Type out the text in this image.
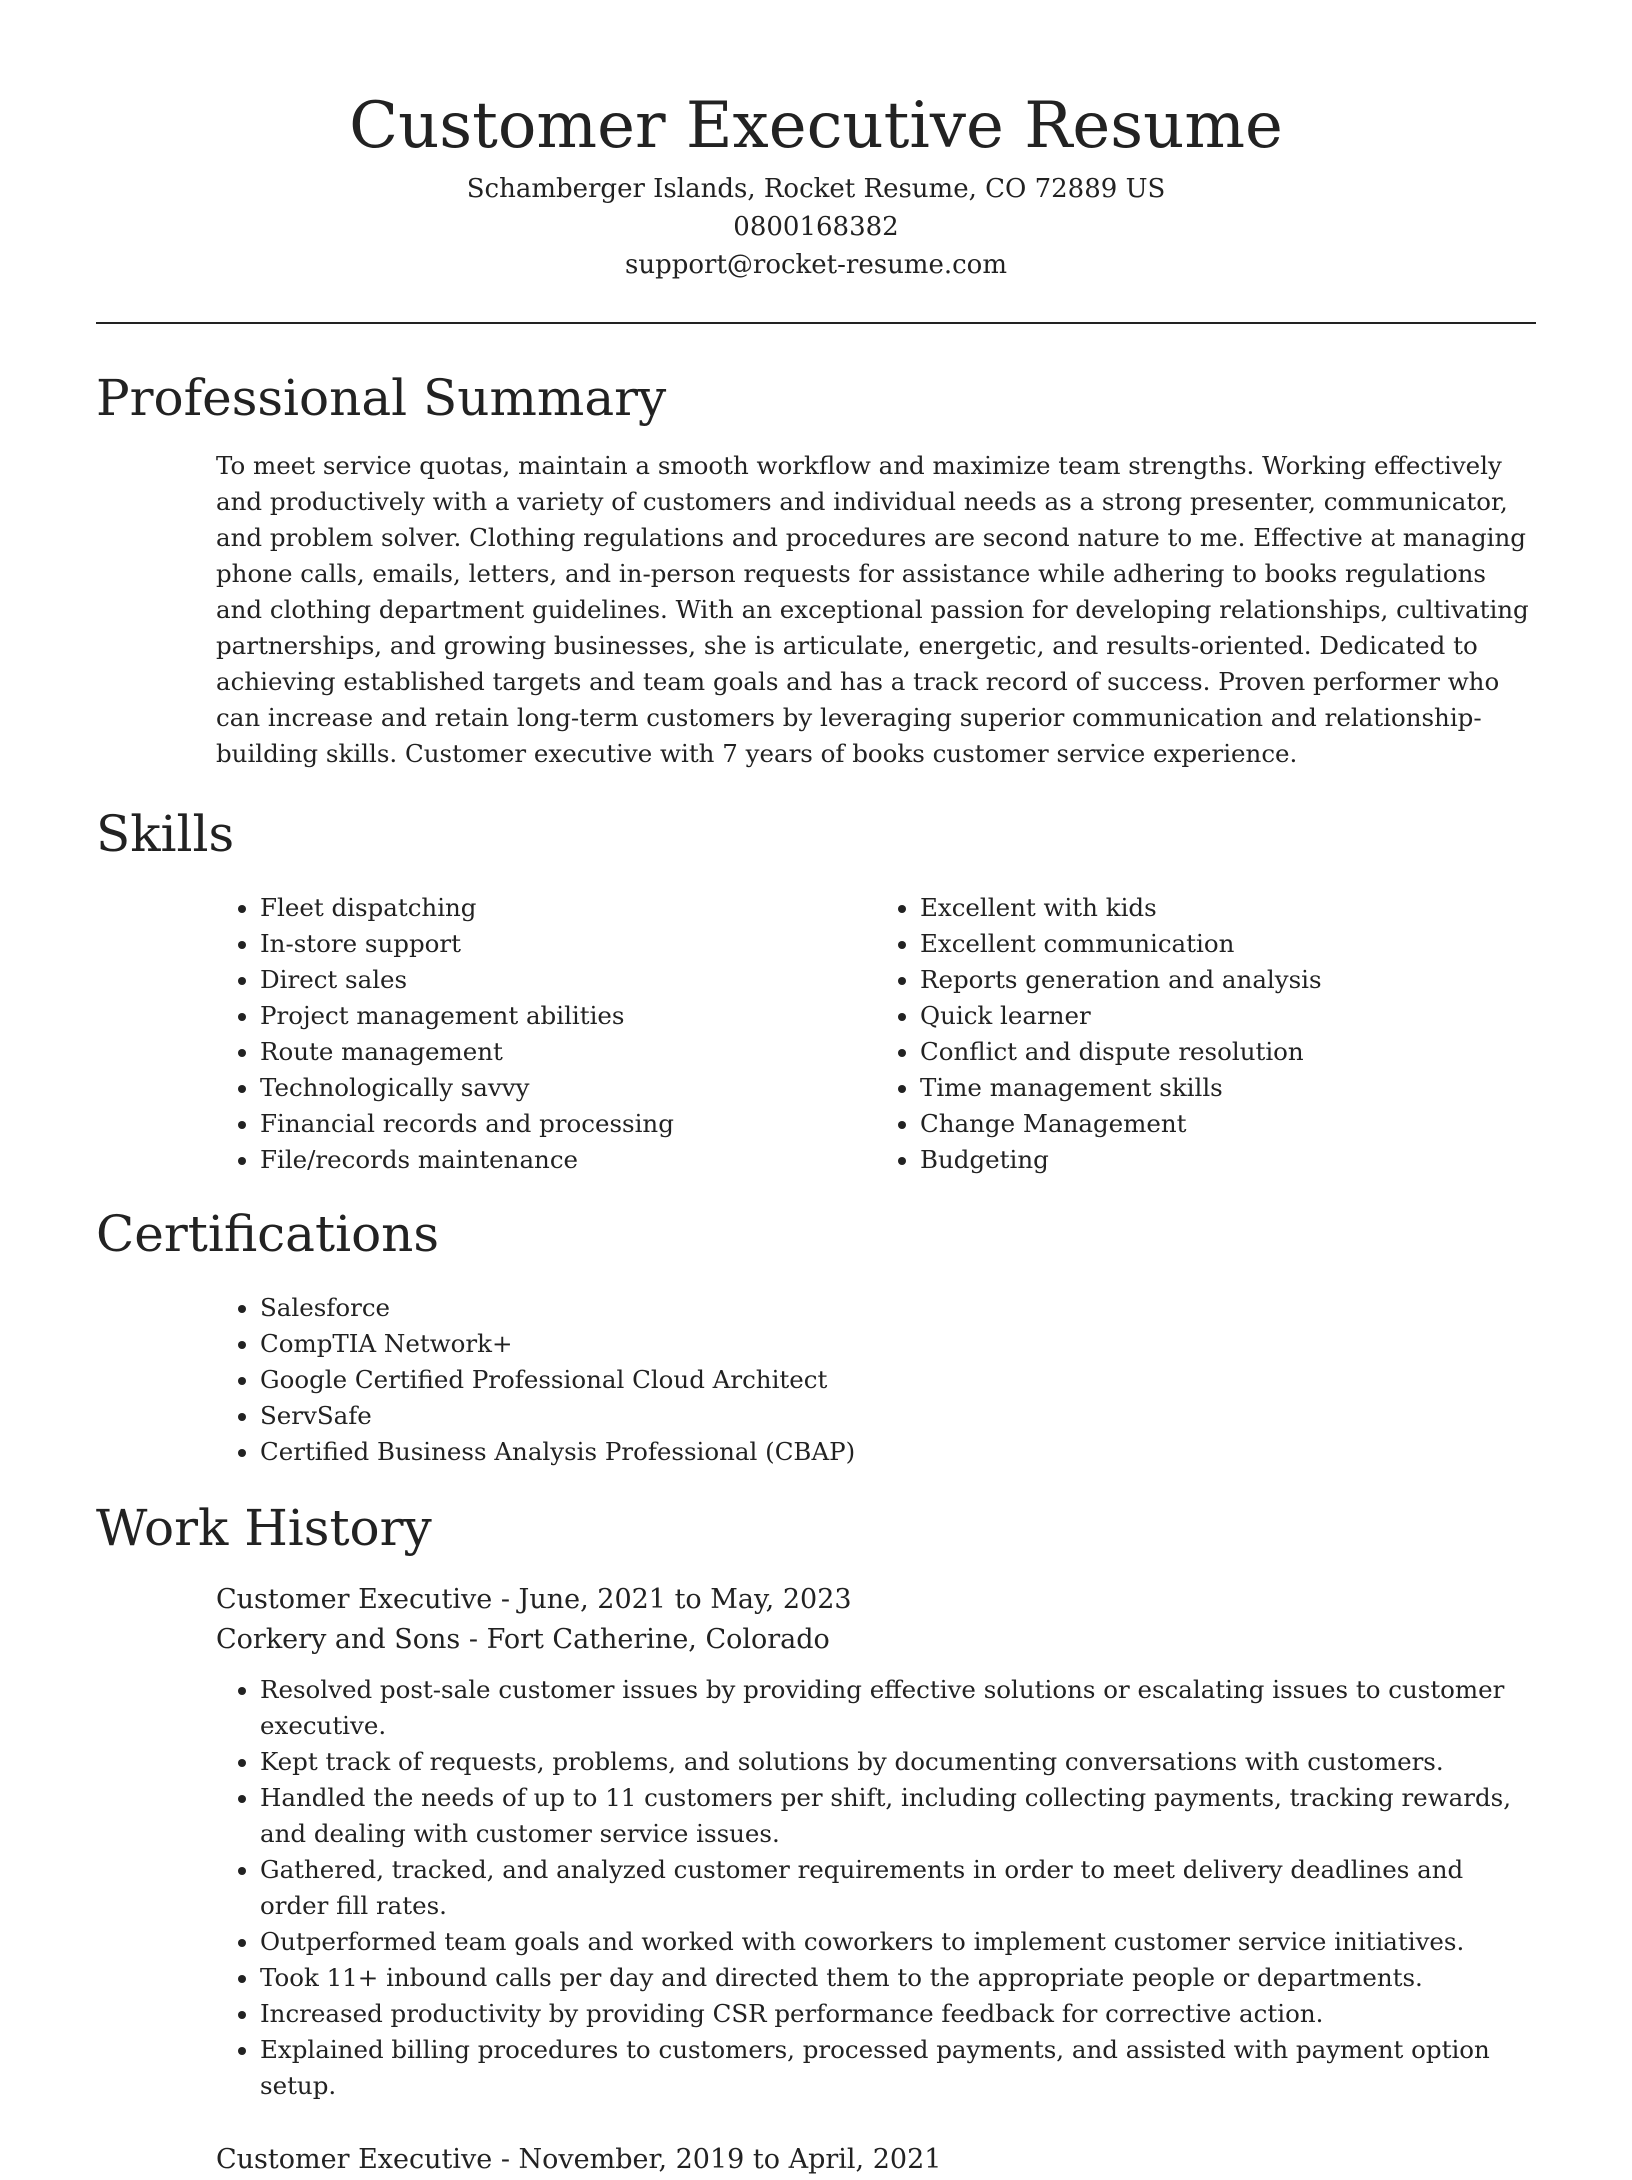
Customer Executive Resume
Schamberger Islands, Rocket Resume, CO 72889 US
0800168382
support@rocket-resume.com
Professional Summary
To meet service quotas, maintain a smooth workflow and maximize team strengths. Working effectively and productively with a variety of customers and individual needs as a strong presenter, communicator, and problem solver. Clothing regulations and procedures are second nature to me. Effective at managing phone calls, emails, letters, and in-person requests for assistance while adhering to books regulations and clothing department guidelines. With an exceptional passion for developing relationships, cultivating partnerships, and growing businesses, she is articulate, energetic, and results-oriented. Dedicated to achieving established targets and team goals and has a track record of success. Proven performer who can increase and retain long-term customers by leveraging superior communication and relationship-building skills. Customer executive with 7 years of books customer service experience.
Skills
• Fleet dispatching
• In-store support
• Direct sales
• Project management abilities
• Route management
• Technologically savvy
• Financial records and processing
• File/records maintenance
• Excellent with kids
• Excellent communication
• Reports generation and analysis
• Quick learner
• Conflict and dispute resolution
• Time management skills
• Change Management
• Budgeting
Certifications
• Salesforce
• CompTIA Network+
• Google Certified Professional Cloud Architect
• ServSafe
• Certified Business Analysis Professional (CBAP)
Work History
Customer Executive - June, 2021 to May, 2023
Corkery and Sons - Fort Catherine, Colorado
• Resolved post-sale customer issues by providing effective solutions or escalating issues to customer executive.
• Kept track of requests, problems, and solutions by documenting conversations with customers.
• Handled the needs of up to 11 customers per shift, including collecting payments, tracking rewards, and dealing with customer service issues.
• Gathered, tracked, and analyzed customer requirements in order to meet delivery deadlines and order fill rates.
• Outperformed team goals and worked with coworkers to implement customer service initiatives.
• Took 11+ inbound calls per day and directed them to the appropriate people or departments.
• Increased productivity by providing CSR performance feedback for corrective action.
• Explained billing procedures to customers, processed payments, and assisted with payment option setup.
Customer Executive - November, 2019 to April, 2021
